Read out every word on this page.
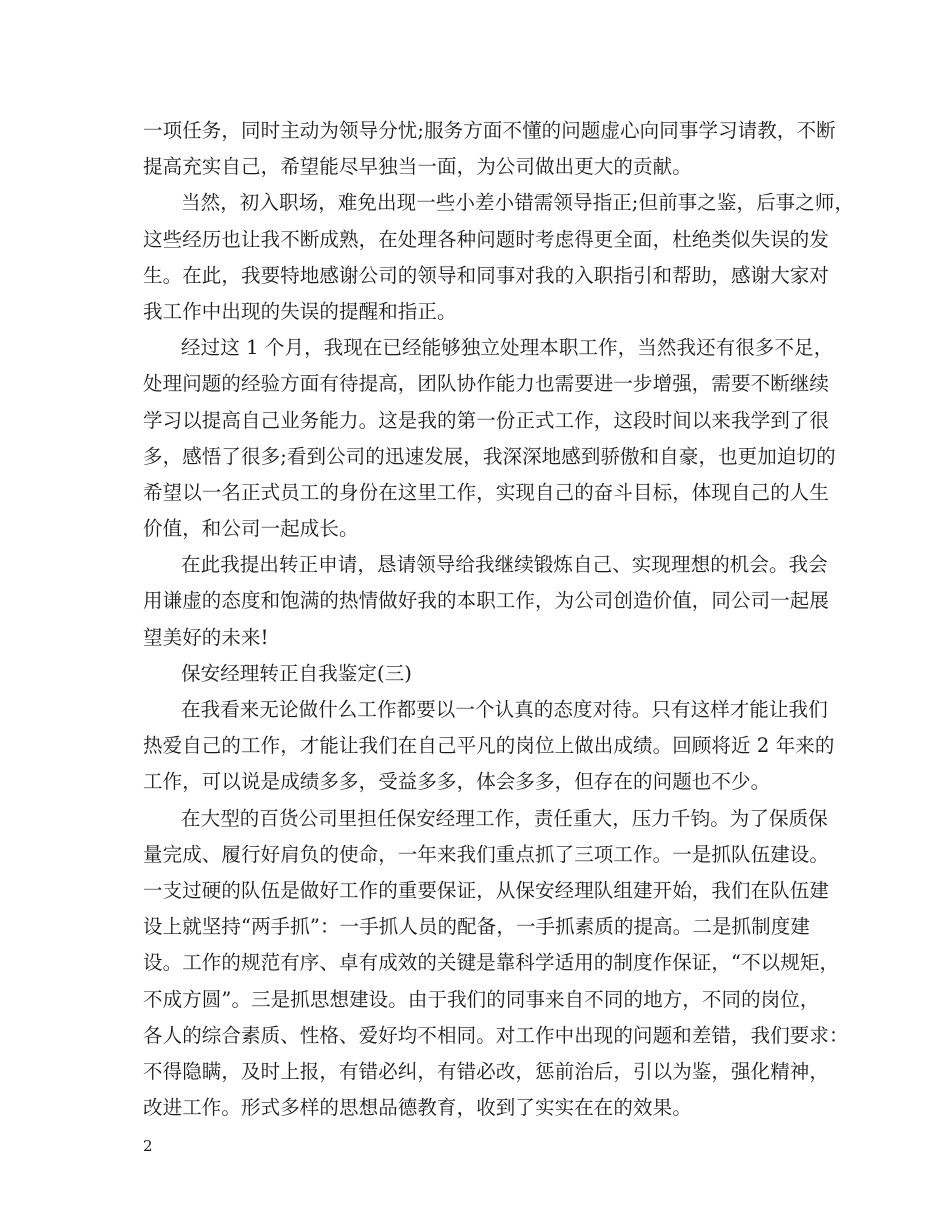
一项任务，同时主动为领导分忧;服务方面不懂的问题虚心向同事学习请教，不断
提高充实自己，希望能尽早独当一面，为公司做出更大的贡献。
当然，初入职场，难免出现一些小差小错需领导指正;但前事之鉴，后事之师，
这些经历也让我不断成熟，在处理各种问题时考虑得更全面，杜绝类似失误的发
生。在此，我要特地感谢公司的领导和同事对我的入职指引和帮助，感谢大家对
我工作中出现的失误的提醒和指正。
经过这 1 个月，我现在已经能够独立处理本职工作，当然我还有很多不足，
处理问题的经验方面有待提高，团队协作能力也需要进一步增强，需要不断继续
学习以提高自己业务能力。这是我的第一份正式工作，这段时间以来我学到了很
多，感悟了很多;看到公司的迅速发展，我深深地感到骄傲和自豪，也更加迫切的
希望以一名正式员工的身份在这里工作，实现自己的奋斗目标，体现自己的人生
价值，和公司一起成长。
在此我提出转正申请，恳请领导给我继续锻炼自己、实现理想的机会。我会
用谦虚的态度和饱满的热情做好我的本职工作，为公司创造价值，同公司一起展
望美好的未来!
保安经理转正自我鉴定(三)
在我看来无论做什么工作都要以一个认真的态度对待。只有这样才能让我们
热爱自己的工作，才能让我们在自己平凡的岗位上做出成绩。回顾将近 2 年来的
工作，可以说是成绩多多，受益多多，体会多多，但存在的问题也不少。
在大型的百货公司里担任保安经理工作，责任重大，压力千钧。为了保质保
量完成、履行好肩负的使命，一年来我们重点抓了三项工作。一是抓队伍建设。
一支过硬的队伍是做好工作的重要保证，从保安经理队组建开始，我们在队伍建
设上就坚持“两手抓”：一手抓人员的配备，一手抓素质的提高。二是抓制度建
设。工作的规范有序、卓有成效的关键是靠科学适用的制度作保证，“不以规矩，
不成方圆”。三是抓思想建设。由于我们的同事来自不同的地方，不同的岗位，
各人的综合素质、性格、爱好均不相同。对工作中出现的问题和差错，我们要求：
不得隐瞒，及时上报，有错必纠，有错必改，惩前治后，引以为鉴，强化精神，
改进工作。形式多样的思想品德教育，收到了实实在在的效果。
2
